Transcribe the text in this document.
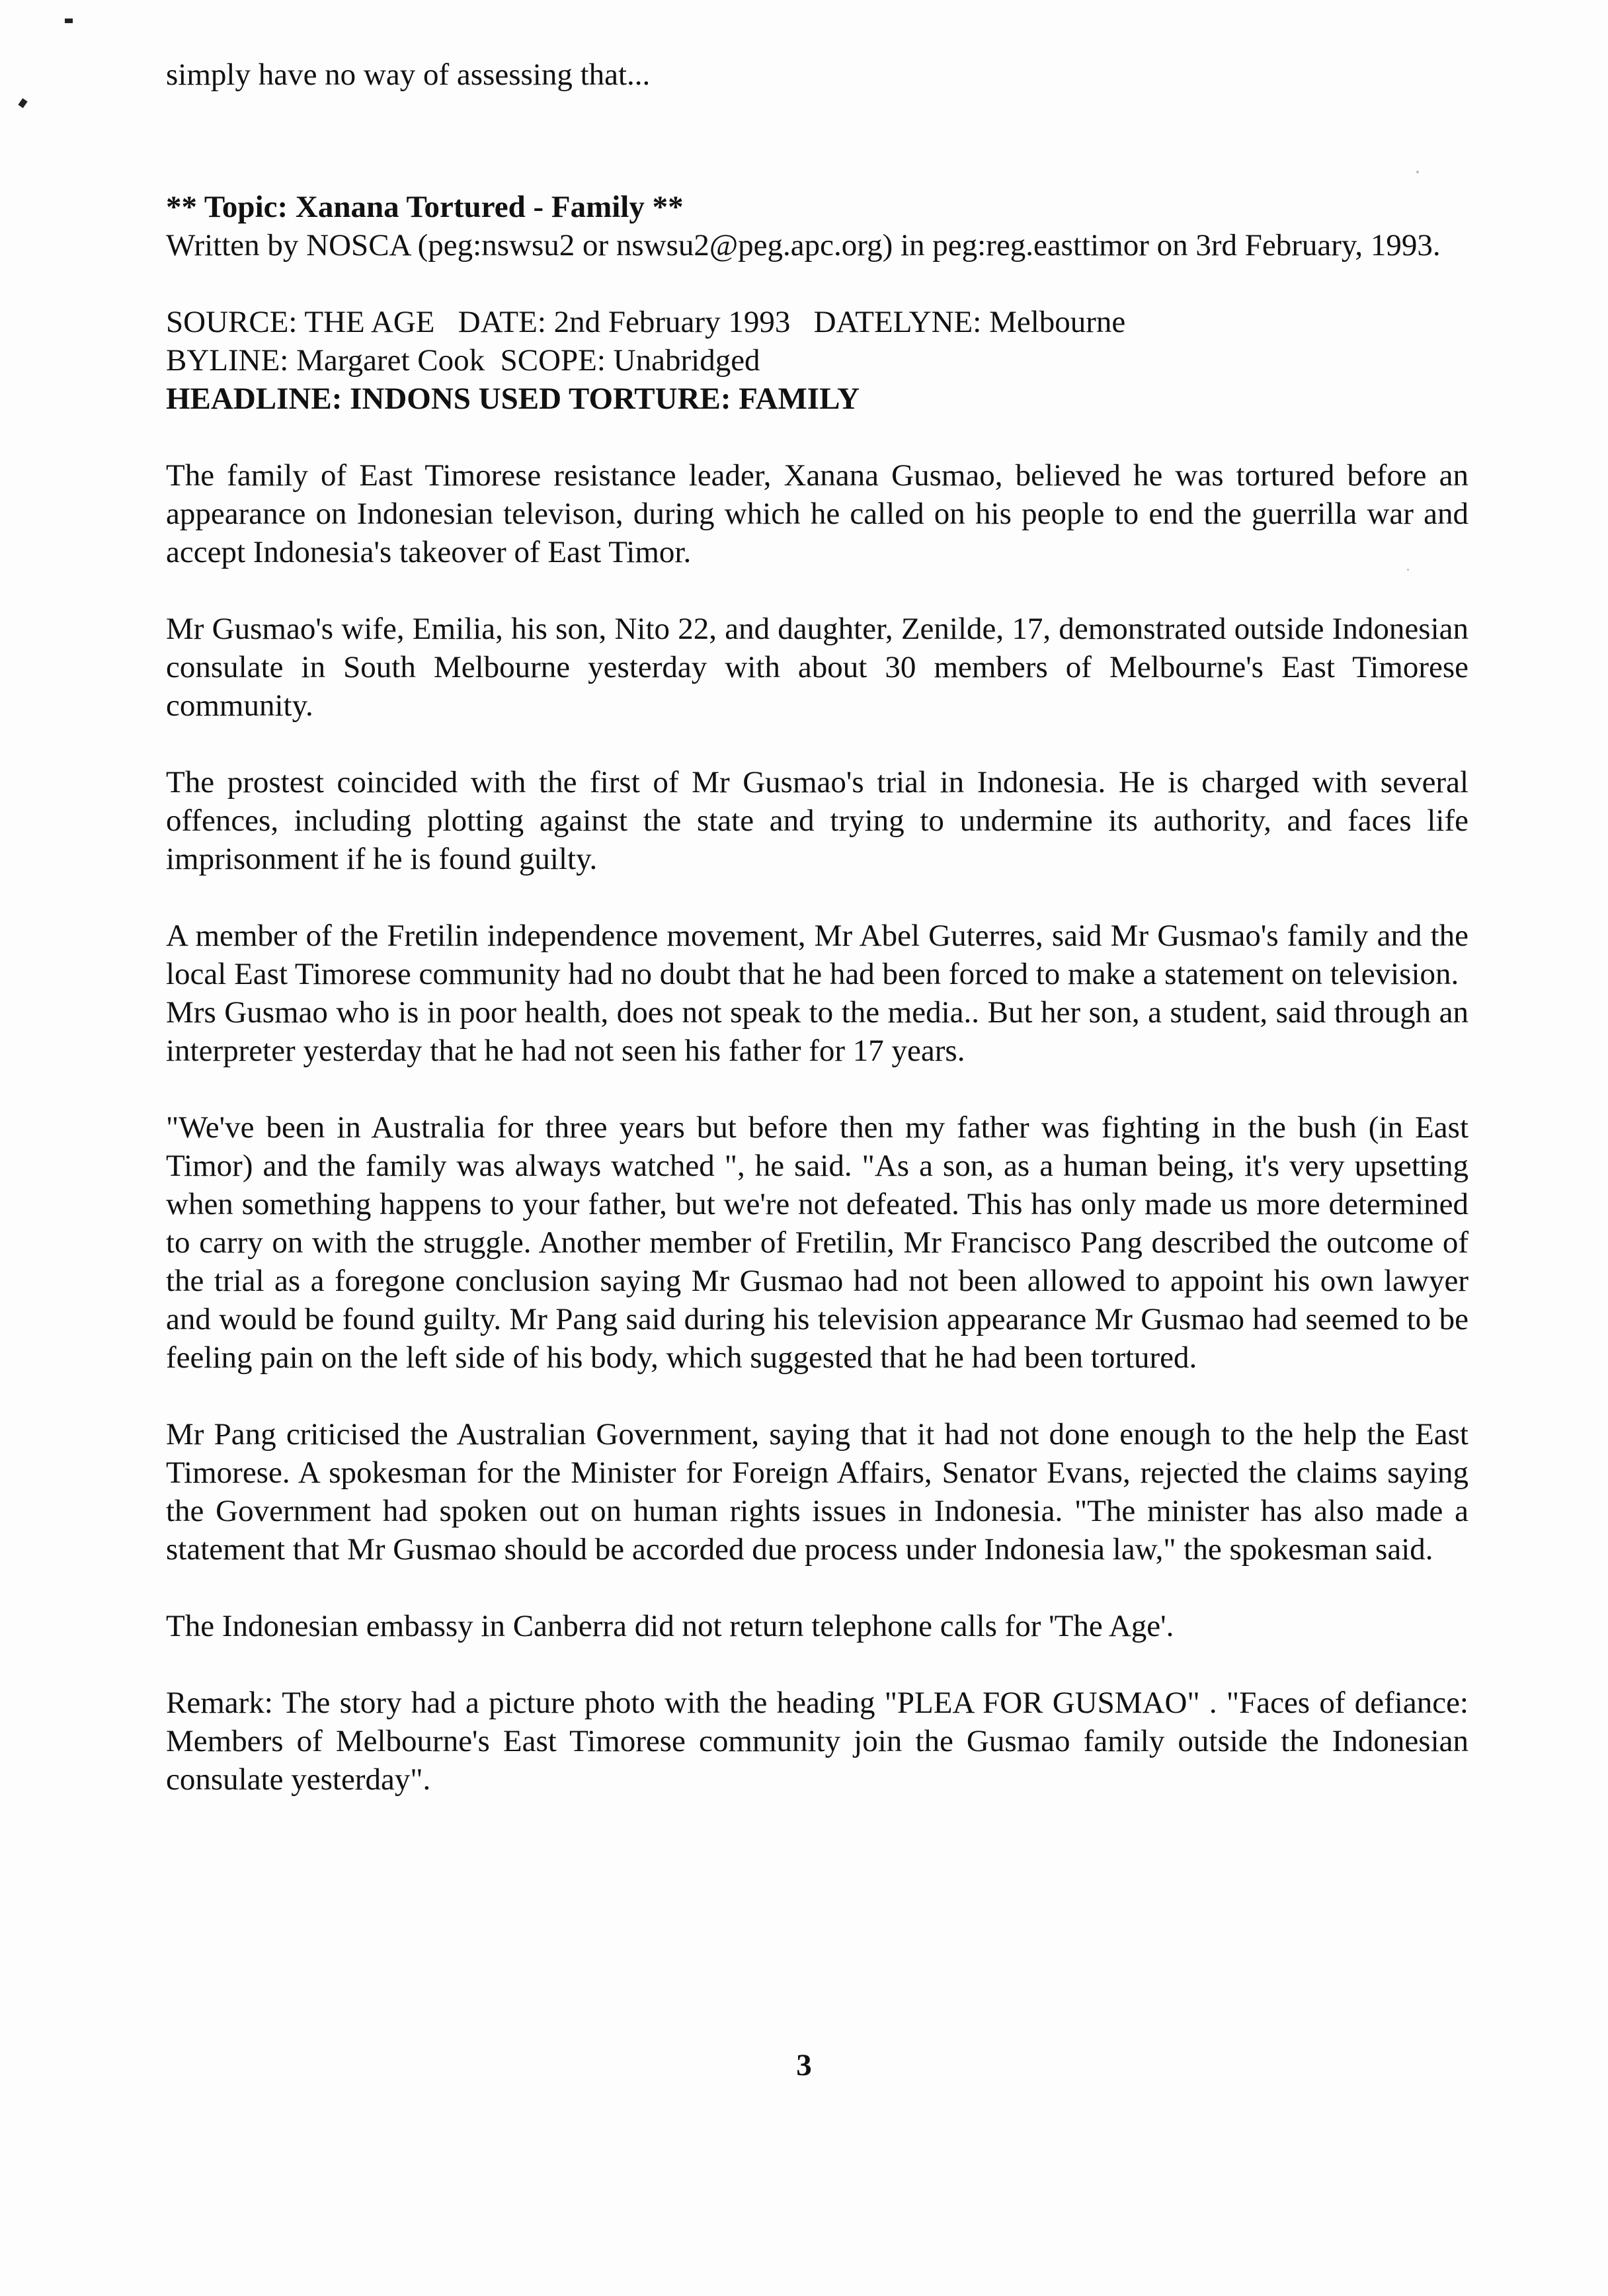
simply have no way of assessing that...

** Topic: Xanana Tortured - Family **

Written by NOSCA (peg:nswsu2 or nswsu2@peg.apc.org) in peg:reg.easttimor on 3rd February, 1993.

SOURCE: THE AGE   DATE: 2nd February 1993   DATELYNE: Melbourne
BYLINE: Margaret Cook  SCOPE: Unabridged
HEADLINE: INDONS USED TORTURE: FAMILY

The family of East Timorese resistance leader, Xanana Gusmao, believed he was tortured before an appearance on Indonesian televison, during which he called on his people to end the guerrilla war and accept Indonesia's takeover of East Timor.

Mr Gusmao's wife, Emilia, his son, Nito 22, and daughter, Zenilde, 17, demonstrated outside Indonesian consulate in South Melbourne yesterday with about 30 members of Melbourne's East Timorese community.

The prostest coincided with the first of Mr Gusmao's trial in Indonesia. He is charged with several offences, including plotting against the state and trying to undermine its authority, and faces life imprisonment if he is found guilty.

A member of the Fretilin independence movement, Mr Abel Guterres, said Mr Gusmao's family and the local East Timorese community had no doubt that he had been forced to make a statement on television.

Mrs Gusmao who is in poor health, does not speak to the media.. But her son, a student, said through an interpreter yesterday that he had not seen his father for 17 years.

"We've been in Australia for three years but before then my father was fighting in the bush (in East Timor) and the family was always watched ", he said. "As a son, as a human being, it's very upsetting when something happens to your father, but we're not defeated. This has only made us more determined to carry on with the struggle. Another member of Fretilin, Mr Francisco Pang described the outcome of the trial as a foregone conclusion saying Mr Gusmao had not been allowed to appoint his own lawyer and would be found guilty. Mr Pang said during his television appearance Mr Gusmao had seemed to be feeling pain on the left side of his body, which suggested that he had been tortured.

Mr Pang criticised the Australian Government, saying that it had not done enough to the help the East Timorese. A spokesman for the Minister for Foreign Affairs, Senator Evans, rejected the claims saying the Government had spoken out on human rights issues in Indonesia. "The minister has also made a statement that Mr Gusmao should be accorded due process under Indonesia law," the spokesman said.

The Indonesian embassy in Canberra did not return telephone calls for 'The Age'.

Remark: The story had a picture photo with the heading "PLEA FOR GUSMAO" . "Faces of defiance: Members of Melbourne's East Timorese community join the Gusmao family outside the Indonesian consulate yesterday".

3
